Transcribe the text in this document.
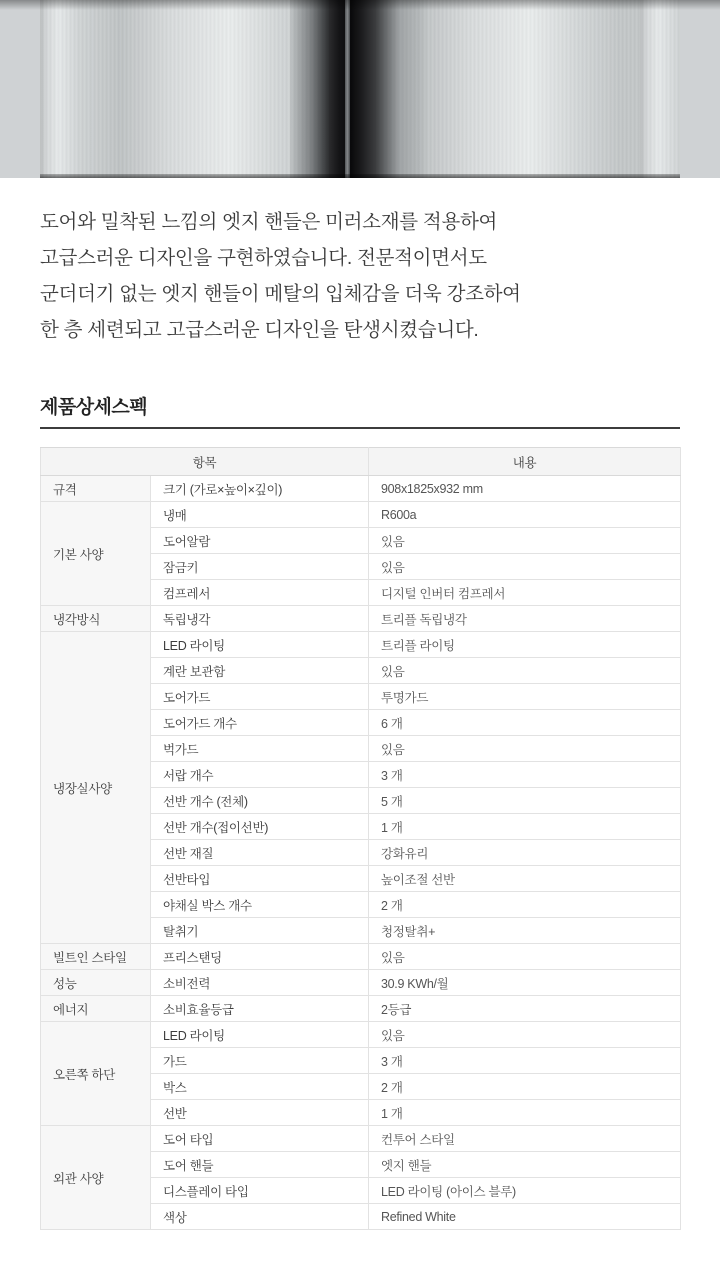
도어와 밀착된 느낌의 엣지 핸들은 미러소재를 적용하여

고급스러운 디자인을 구현하였습니다. 전문적이면서도

군더더기 없는 엣지 핸들이 메탈의 입체감을 더욱 강조하여

한 층 세련되고 고급스러운 디자인을 탄생시켰습니다.

제품상세스펙
항목		내용
규격	크기 (가로×높이×깊이)	908x1825x932 mm
기본 사양	냉매	R600a
	도어알람	있음
	잠금키	있음
	컴프레서	디지털 인버터 컴프레서
냉각방식	독립냉각	트리플 독립냉각
냉장실사양	LED 라이팅	트리플 라이팅
	계란 보관함	있음
	도어가드	투명가드
	도어가드 개수	6 개
	벅가드	있음
	서랍 개수	3 개
	선반 개수 (전체)	5 개
	선반 개수(접이선반)	1 개
	선반 재질	강화유리
	선반타입	높이조절 선반
	야채실 박스 개수	2 개
	탈취기	청정탈취+
빌트인 스타일	프리스탠딩	있음
성능	소비전력	30.9 KWh/월
에너지	소비효율등급	2등급
오른쪽 하단	LED 라이팅	있음
	가드	3 개
	박스	2 개
	선반	1 개
외관 사양	도어 타입	컨투어 스타일
	도어 핸들	엣지 핸들
	디스플레이 타입	LED 라이팅 (아이스 블루)
	색상	Refined White
